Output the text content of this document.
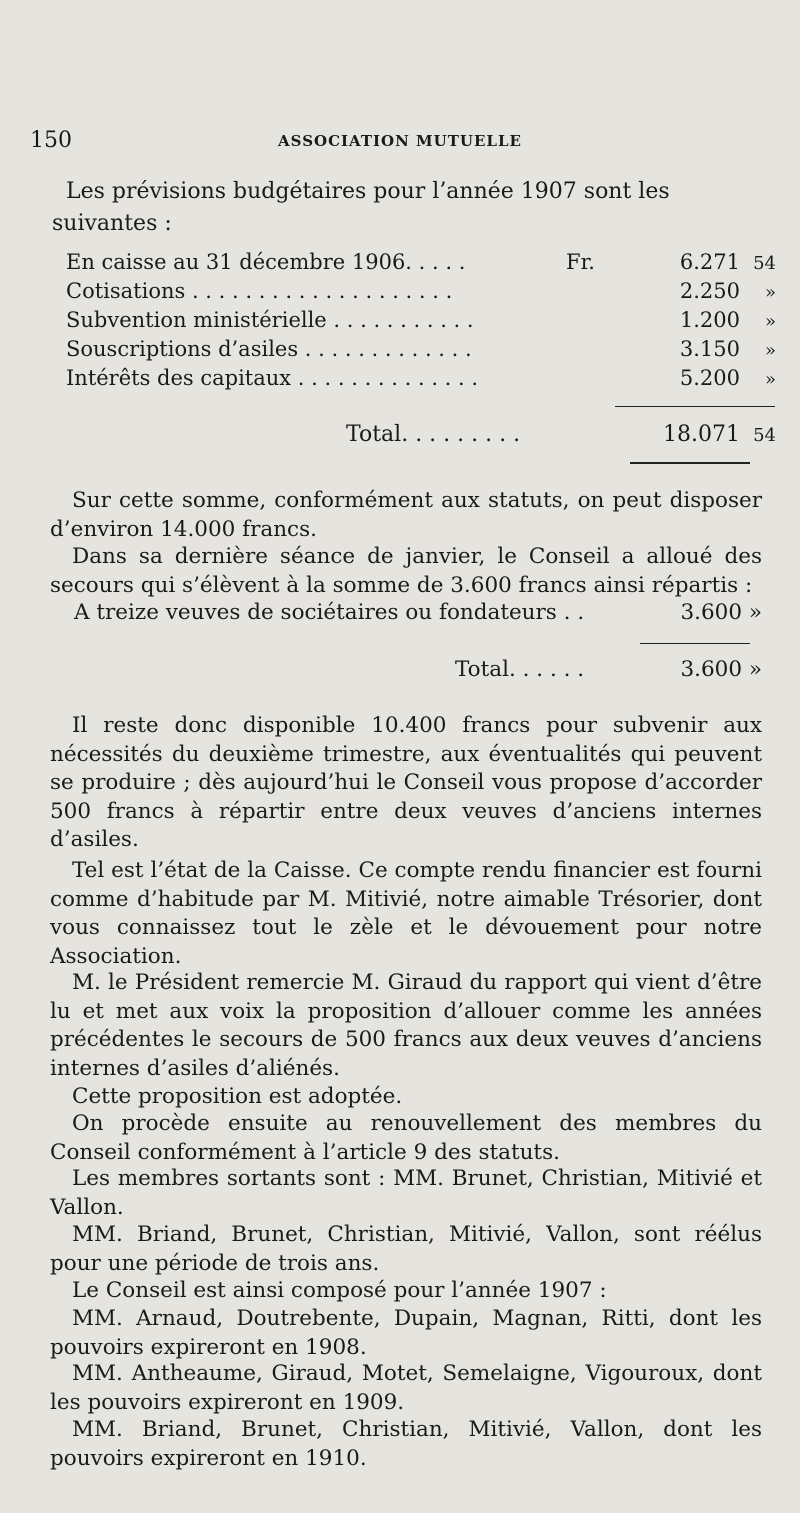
150	ASSOCIATION MUTUELLE
Les prévisions budgétaires pour l’année 1907 sont les suivantes :
En caisse au 31 décembre 1906. . . . .	Fr.	6.271 54
Cotisations . . . . . . . . . . . . . . . . . . . .	2.250 »
Subvention ministérielle . . . . . . . . . . .	1.200 »
Souscriptions d’asiles . . . . . . . . . . . . .	3.150 »
Intérêts des capitaux . . . . . . . . . . . . . .	5.200 »
Total. . . . . . . . .	18.071 54
Sur cette somme, conformément aux statuts, on peut disposer d’environ 14.000 francs.
Dans sa dernière séance de janvier, le Conseil a alloué des secours qui s’élèvent à la somme de 3.600 francs ainsi répartis :
A treize veuves de sociétaires ou fondateurs . .	3.600 »
Total. . . . . .	3.600 »
Il reste donc disponible 10.400 francs pour subvenir aux nécessités du deuxième trimestre, aux éventualités qui peuvent se produire ; dès aujourd’hui le Conseil vous propose d’accorder 500 francs à répartir entre deux veuves d’anciens internes d’asiles.
Tel est l’état de la Caisse. Ce compte rendu financier est fourni comme d’habitude par M. Mitivié, notre aimable Trésorier, dont vous connaissez tout le zèle et le dévouement pour notre Association.
M. le Président remercie M. Giraud du rapport qui vient d’être lu et met aux voix la proposition d’allouer comme les années précédentes le secours de 500 francs aux deux veuves d’anciens internes d’asiles d’aliénés.
Cette proposition est adoptée.
On procède ensuite au renouvellement des membres du Conseil conformément à l’article 9 des statuts.
Les membres sortants sont : MM. Brunet, Christian, Mitivié et Vallon.
MM. Briand, Brunet, Christian, Mitivié, Vallon, sont réélus pour une période de trois ans.
Le Conseil est ainsi composé pour l’année 1907 :
MM. Arnaud, Doutrebente, Dupain, Magnan, Ritti, dont les pouvoirs expireront en 1908.
MM. Antheaume, Giraud, Motet, Semelaigne, Vigouroux, dont les pouvoirs expireront en 1909.
MM. Briand, Brunet, Christian, Mitivié, Vallon, dont les pouvoirs expireront en 1910.
